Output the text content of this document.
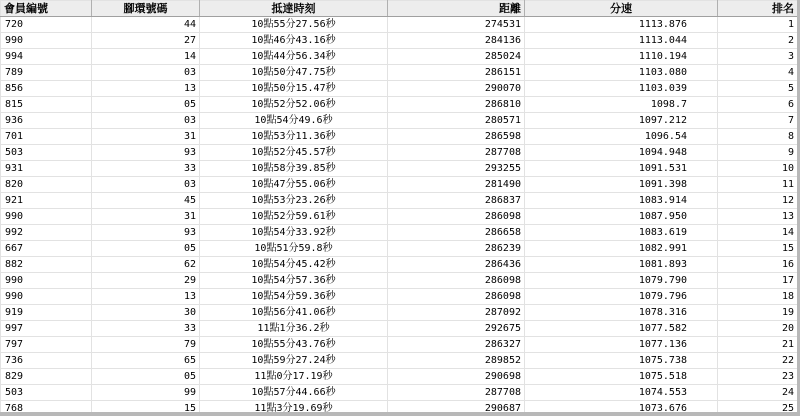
會員編號	腳環號碼	抵達時刻	距離	分速	排名
720	44	10點55分27.56秒	274531	1113.876	1
990	27	10點46分43.16秒	284136	1113.044	2
994	14	10點44分56.34秒	285024	1110.194	3
789	03	10點50分47.75秒	286151	1103.080	4
856	13	10點50分15.47秒	290070	1103.039	5
815	05	10點52分52.06秒	286810	1098.7	6
936	03	10點54分49.6秒	280571	1097.212	7
701	31	10點53分11.36秒	286598	1096.54	8
503	93	10點52分45.57秒	287708	1094.948	9
931	33	10點58分39.85秒	293255	1091.531	10
820	03	10點47分55.06秒	281490	1091.398	11
921	45	10點53分23.26秒	286837	1083.914	12
990	31	10點52分59.61秒	286098	1087.950	13
992	93	10點54分33.92秒	286658	1083.619	14
667	05	10點51分59.8秒	286239	1082.991	15
882	62	10點54分45.42秒	286436	1081.893	16
990	29	10點54分57.36秒	286098	1079.790	17
990	13	10點54分59.36秒	286098	1079.796	18
919	30	10點56分41.06秒	287092	1078.316	19
997	33	11點1分36.2秒	292675	1077.582	20
797	79	10點55分43.76秒	286327	1077.136	21
736	65	10點59分27.24秒	289852	1075.738	22
829	05	11點0分17.19秒	290698	1075.518	23
503	99	10點57分44.66秒	287708	1074.553	24
768	15	11點3分19.69秒	290687	1073.676	25
